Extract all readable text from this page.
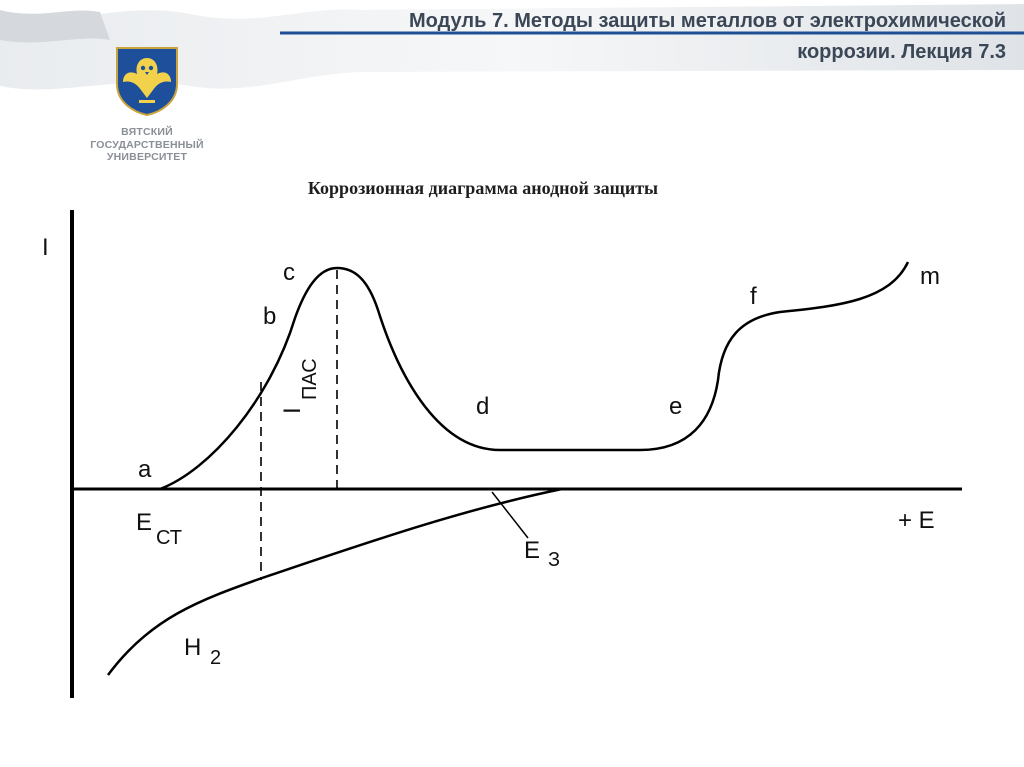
Модуль 7. Методы защиты металлов от электрохимической
коррозии. Лекция 7.3
ВЯТСКИЙ
ГОСУДАРСТВЕННЫЙ
УНИВЕРСИТЕТ
Коррозионная диаграмма анодной защиты
I
+ E
a
b
c
d	e
f
m
E
СТ	E З
I
ПАС
H 2
